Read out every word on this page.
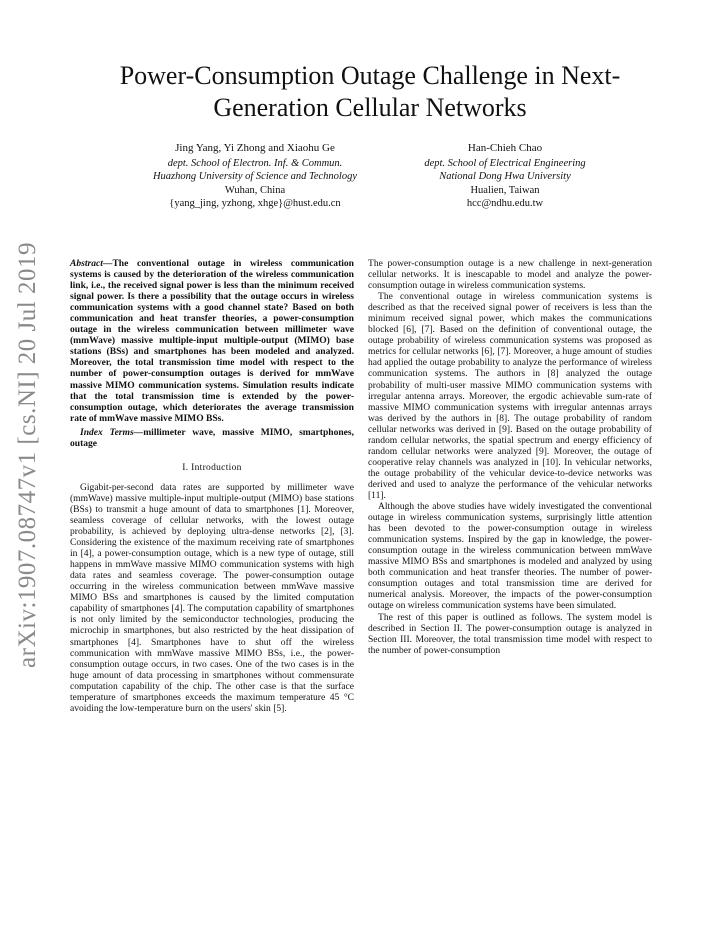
arXiv:1907.08747v1 [cs.NI] 20 Jul 2019
Power-Consumption Outage Challenge in Next-Generation Cellular Networks
Jing Yang, Yi Zhong and Xiaohu Ge
dept. School of Electron. Inf. & Commun.
Huazhong University of Science and Technology
Wuhan, China
{yang_jing, yzhong, xhge}@hust.edu.cn
Han-Chieh Chao
dept. School of Electrical Engineering
National Dong Hwa University
Hualien, Taiwan
hcc@ndhu.edu.tw

Abstract—The conventional outage in wireless communication systems is caused by the deterioration of the wireless communication link, i.e., the received signal power is less than the minimum received signal power. Is there a possibility that the outage occurs in wireless communication systems with a good channel state? Based on both communication and heat transfer theories, a power-consumption outage in the wireless communication between millimeter wave (mmWave) massive multiple-input multiple-output (MIMO) base stations (BSs) and smartphones has been modeled and analyzed. Moreover, the total transmission time model with respect to the number of power-consumption outages is derived for mmWave massive MIMO communication systems. Simulation results indicate that the total transmission time is extended by the power-consumption outage, which deteriorates the average transmission rate of mmWave massive MIMO BSs.

Index Terms—millimeter wave, massive MIMO, smartphones, outage
I. Introduction

Gigabit-per-second data rates are supported by millimeter wave (mmWave) massive multiple-input multiple-output (MIMO) base stations (BSs) to transmit a huge amount of data to smartphones [1]. Moreover, seamless coverage of cellular networks, with the lowest outage probability, is achieved by deploying ultra-dense networks [2], [3]. Considering the existence of the maximum receiving rate of smartphones in [4], a power-consumption outage, which is a new type of outage, still happens in mmWave massive MIMO communication systems with high data rates and seamless coverage. The power-consumption outage occurring in the wireless communication between mmWave massive MIMO BSs and smartphones is caused by the limited computation capability of smartphones [4]. The computation capability of smartphones is not only limited by the semiconductor technologies, producing the microchip in smartphones, but also restricted by the heat dissipation of smartphones [4]. Smartphones have to shut off the wireless communication with mmWave massive MIMO BSs, i.e., the power-consumption outage occurs, in two cases. One of the two cases is in the huge amount of data processing in smartphones without commensurate computation capability of the chip. The other case is that the surface temperature of smartphones exceeds the maximum temperature 45 °C avoiding the low-temperature burn on the users' skin [5].

The power-consumption outage is a new challenge in next-generation cellular networks. It is inescapable to model and analyze the power-consumption outage in wireless communication systems.

The conventional outage in wireless communication systems is described as that the received signal power of receivers is less than the minimum received signal power, which makes the communications blocked [6], [7]. Based on the definition of conventional outage, the outage probability of wireless communication systems was proposed as metrics for cellular networks [6], [7]. Moreover, a huge amount of studies had applied the outage probability to analyze the performance of wireless communication systems. The authors in [8] analyzed the outage probability of multi-user massive MIMO communication systems with irregular antenna arrays. Moreover, the ergodic achievable sum-rate of massive MIMO communication systems with irregular antennas arrays was derived by the authors in [8]. The outage probability of random cellular networks was derived in [9]. Based on the outage probability of random cellular networks, the spatial spectrum and energy efficiency of random cellular networks were analyzed [9]. Moreover, the outage of cooperative relay channels was analyzed in [10]. In vehicular networks, the outage probability of the vehicular device-to-device networks was derived and used to analyze the performance of the vehicular networks [11].

Although the above studies have widely investigated the conventional outage in wireless communication systems, surprisingly little attention has been devoted to the power-consumption outage in wireless communication systems. Inspired by the gap in knowledge, the power-consumption outage in the wireless communication between mmWave massive MIMO BSs and smartphones is modeled and analyzed by using both communication and heat transfer theories. The number of power-consumption outages and total transmission time are derived for numerical analysis. Moreover, the impacts of the power-consumption outage on wireless communication systems have been simulated.

The rest of this paper is outlined as follows. The system model is described in Section II. The power-consumption outage is analyzed in Section III. Moreover, the total transmission time model with respect to the number of power-consumption
